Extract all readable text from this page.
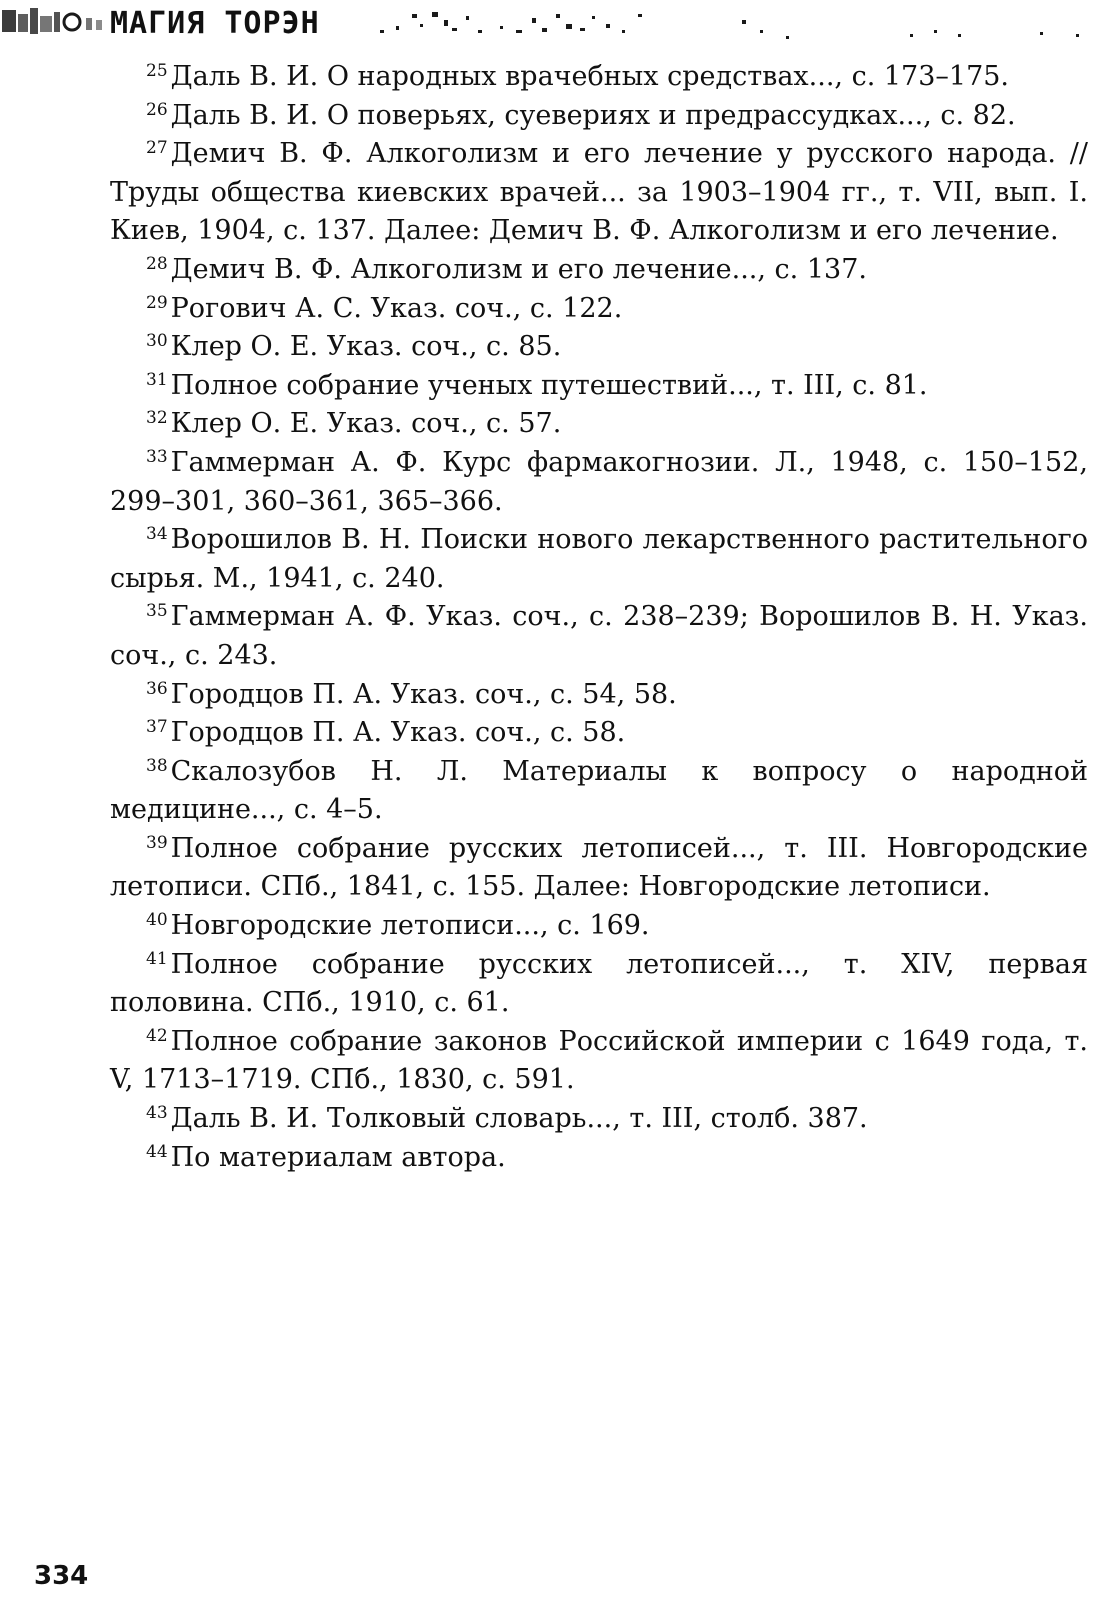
МАГИЯ ТОРЭН

$^{25}$ Даль В. И. О народных врачебных средствах..., с. 173–175.

$^{26}$ Даль В. И. О поверьях, суевериях и предрассудках..., с. 82.

$^{27}$ Демич В. Ф. Алкоголизм и его лечение у русского народа. // Труды общества киевских врачей... за 1903–1904 гг., т. VII, вып. I. Киев, 1904, с. 137. Далее: Демич В. Ф. Алкоголизм и его лечение.

$^{28}$ Демич В. Ф. Алкоголизм и его лечение..., с. 137.

$^{29}$ Рогович А. С. Указ. соч., с. 122.

$^{30}$ Клер О. Е. Указ. соч., с. 85.

$^{31}$ Полное собрание ученых путешествий..., т. III, с. 81.

$^{32}$ Клер О. Е. Указ. соч., с. 57.

$^{33}$ Гаммерман А. Ф. Курс фармакогнозии. Л., 1948, с. 150–152, 299–301, 360–361, 365–366.

$^{34}$ Ворошилов В. Н. Поиски нового лекарственного растительного сырья. М., 1941, с. 240.

$^{35}$ Гаммерман А. Ф. Указ. соч., с. 238–239; Ворошилов В. Н. Указ. соч., с. 243.

$^{36}$ Городцов П. А. Указ. соч., с. 54, 58.

$^{37}$ Городцов П. А. Указ. соч., с. 58.

$^{38}$ Скалозубов Н. Л. Материалы к вопросу о народной медицине..., с. 4–5.

$^{39}$ Полное собрание русских летописей..., т. III. Новгородские летописи. СПб., 1841, с. 155. Далее: Новгородские летописи.

$^{40}$ Новгородские летописи..., с. 169.

$^{41}$ Полное собрание русских летописей..., т. XIV, первая половина. СПб., 1910, с. 61.

$^{42}$ Полное собрание законов Российской империи с 1649 года, т. V, 1713–1719. СПб., 1830, с. 591.

$^{43}$ Даль В. И. Толковый словарь..., т. III, столб. 387.

$^{44}$ По материалам автора.

334
